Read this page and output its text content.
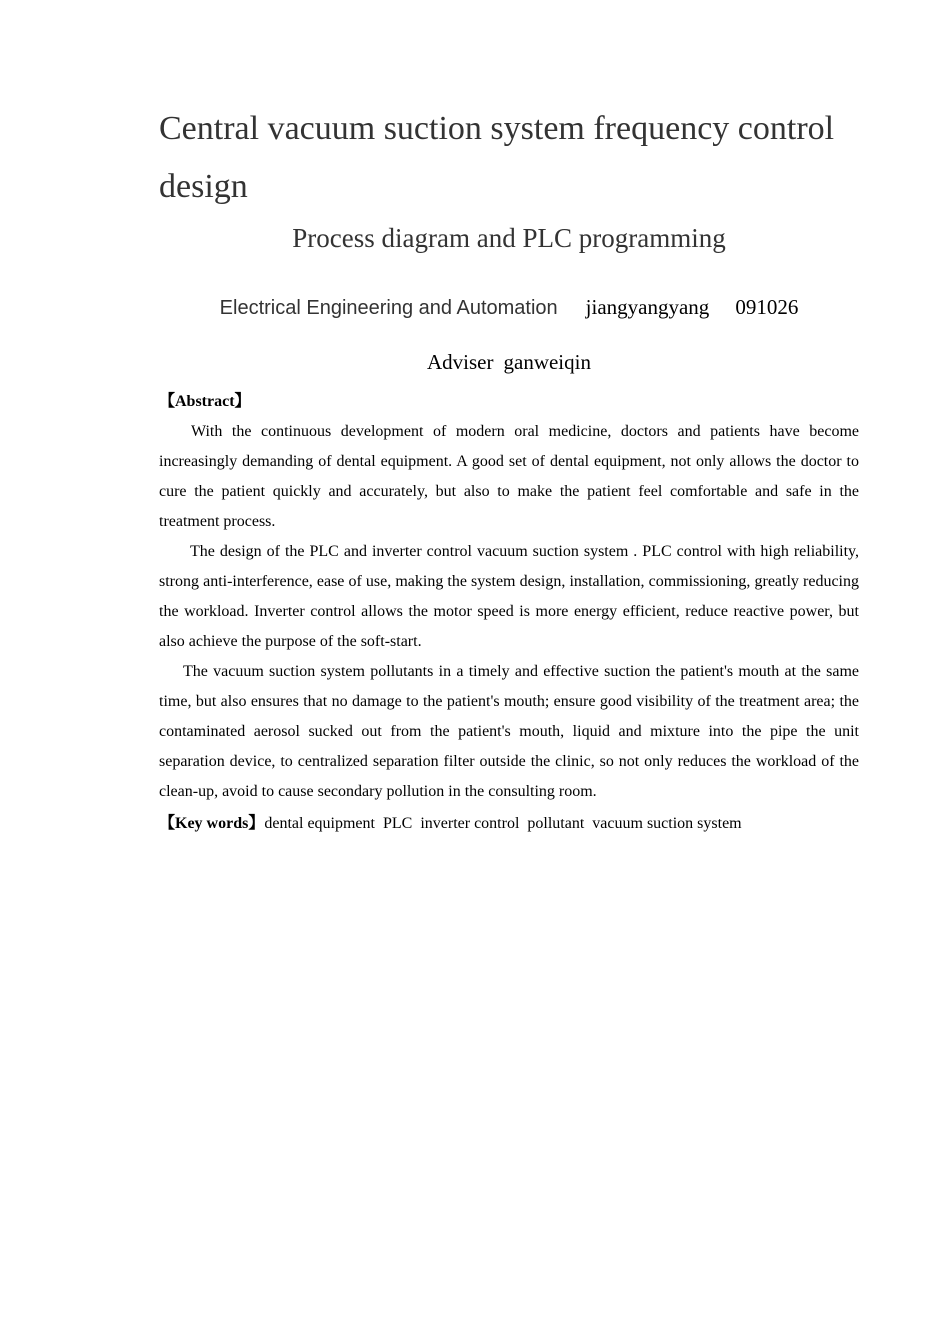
Central vacuum suction system frequency control design
Process diagram and PLC programming
Electrical Engineering and Automation jiangyangyang 091026
Adviser ganweiqin
【Abstract】

With the continuous development of modern oral medicine, doctors and patients have become increasingly demanding of dental equipment. A good set of dental equipment, not only allows the doctor to cure the patient quickly and accurately, but also to make the patient feel comfortable and safe in the treatment process.

The design of the PLC and inverter control vacuum suction system . PLC control with high reliability, strong anti-interference, ease of use, making the system design, installation, commissioning, greatly reducing the workload. Inverter control allows the motor speed is more energy efficient, reduce reactive power, but also achieve the purpose of the soft-start.

The vacuum suction system pollutants in a timely and effective suction the patient's mouth at the same time, but also ensures that no damage to the patient's mouth; ensure good visibility of the treatment area; the contaminated aerosol sucked out from the patient's mouth, liquid and mixture into the pipe the unit separation device, to centralized separation filter outside the clinic, so not only reduces the workload of the clean-up, avoid to cause secondary pollution in the consulting room.

【Key words】dental equipment PLC inverter control pollutant vacuum suction system
